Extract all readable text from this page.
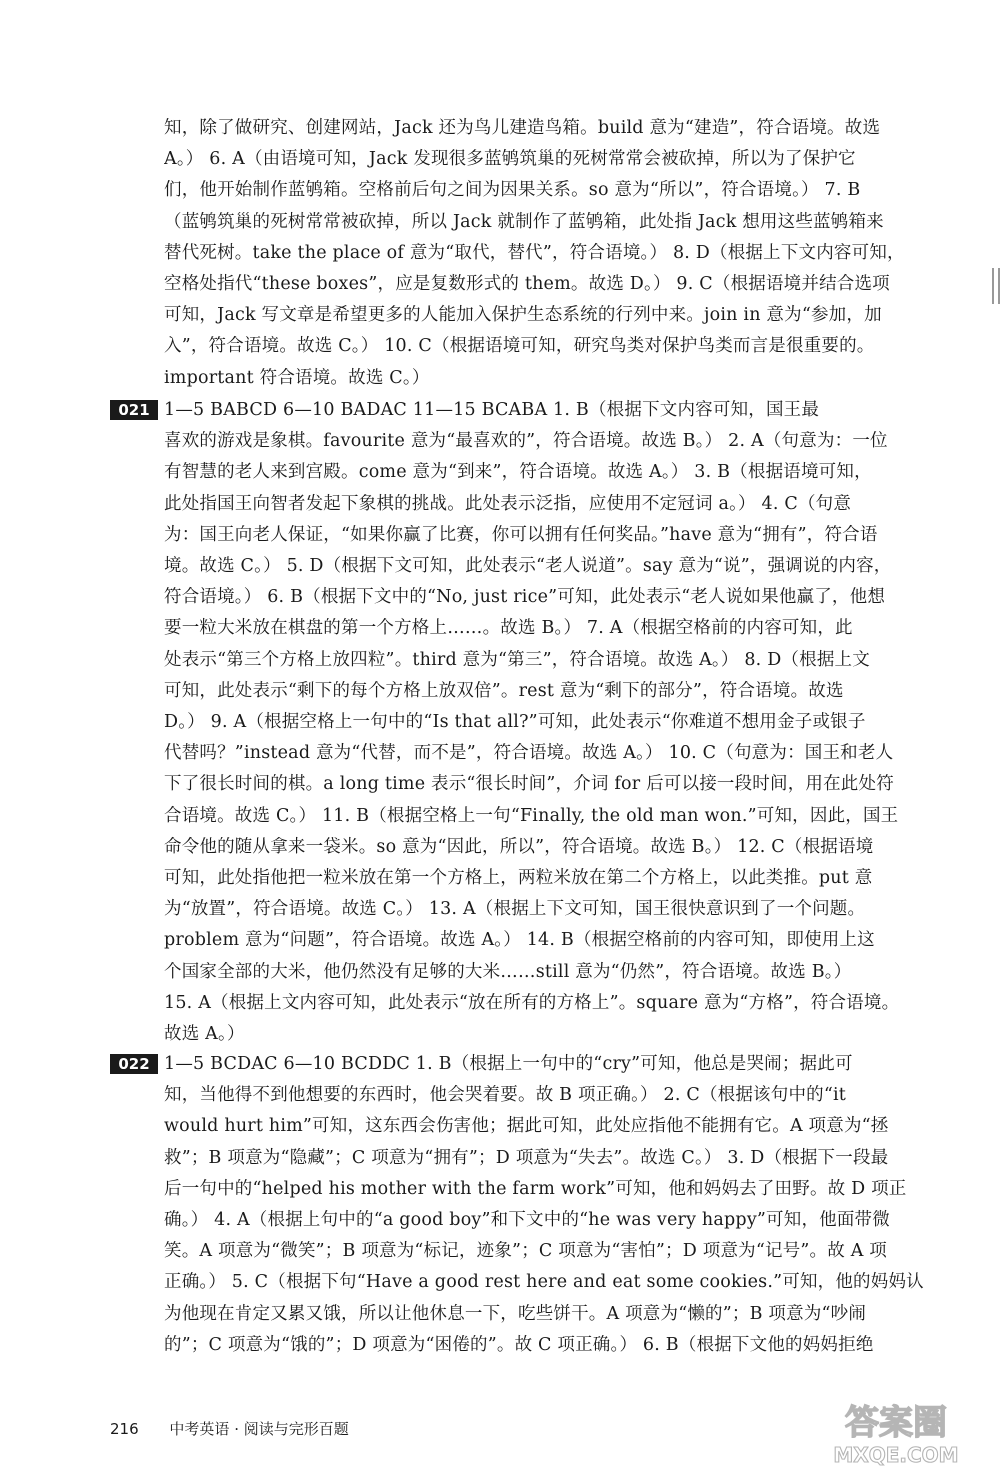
知，除了做研究、创建网站，Jack 还为鸟儿建造鸟箱。build 意为“建造”，符合语境。故选
A。） 6. A（由语境可知，Jack 发现很多蓝鸲筑巢的死树常常会被砍掉，所以为了保护它
们，他开始制作蓝鸲箱。空格前后句之间为因果关系。so 意为“所以”，符合语境。） 7. B
（蓝鸲筑巢的死树常常被砍掉，所以 Jack 就制作了蓝鸲箱，此处指 Jack 想用这些蓝鸲箱来
替代死树。take the place of 意为“取代，替代”，符合语境。） 8. D（根据上下文内容可知，
空格处指代“these boxes”，应是复数形式的 them。故选 D。） 9. C（根据语境并结合选项
可知，Jack 写文章是希望更多的人能加入保护生态系统的行列中来。join in 意为“参加，加
入”，符合语境。故选 C。） 10. C（根据语境可知，研究鸟类对保护鸟类而言是很重要的。
important 符合语境。故选 C。）
021 1—5 BABCD 6—10 BADAC 11—15 BCABA 1. B（根据下文内容可知，国王最
喜欢的游戏是象棋。favourite 意为“最喜欢的”，符合语境。故选 B。） 2. A（句意为：一位
有智慧的老人来到宫殿。come 意为“到来”，符合语境。故选 A。） 3. B（根据语境可知，
此处指国王向智者发起下象棋的挑战。此处表示泛指，应使用不定冠词 a。） 4. C（句意
为：国王向老人保证，“如果你赢了比赛，你可以拥有任何奖品。”have 意为“拥有”，符合语
境。故选 C。） 5. D（根据下文可知，此处表示“老人说道”。say 意为“说”，强调说的内容，
符合语境。） 6. B（根据下文中的“No, just rice”可知，此处表示“老人说如果他赢了，他想
要一粒大米放在棋盘的第一个方格上……。故选 B。） 7. A（根据空格前的内容可知，此
处表示“第三个方格上放四粒”。third 意为“第三”，符合语境。故选 A。） 8. D（根据上文
可知，此处表示“剩下的每个方格上放双倍”。rest 意为“剩下的部分”，符合语境。故选
D。） 9. A（根据空格上一句中的“Is that all?”可知，此处表示“你难道不想用金子或银子
代替吗？”instead 意为“代替，而不是”，符合语境。故选 A。） 10. C（句意为：国王和老人
下了很长时间的棋。a long time 表示“很长时间”，介词 for 后可以接一段时间，用在此处符
合语境。故选 C。） 11. B（根据空格上一句“Finally, the old man won.”可知，因此，国王
命令他的随从拿来一袋米。so 意为“因此，所以”，符合语境。故选 B。） 12. C（根据语境
可知，此处指他把一粒米放在第一个方格上，两粒米放在第二个方格上，以此类推。put 意
为“放置”，符合语境。故选 C。） 13. A（根据上下文可知，国王很快意识到了一个问题。
problem 意为“问题”，符合语境。故选 A。） 14. B（根据空格前的内容可知，即使用上这
个国家全部的大米，他仍然没有足够的大米……still 意为“仍然”，符合语境。故选 B。）
15. A（根据上文内容可知，此处表示“放在所有的方格上”。square 意为“方格”，符合语境。
故选 A。）
022 1—5 BCDAC 6—10 BCDDC 1. B（根据上一句中的“cry”可知，他总是哭闹；据此可
知，当他得不到他想要的东西时，他会哭着要。故 B 项正确。） 2. C（根据该句中的“it
would hurt him”可知，这东西会伤害他；据此可知，此处应指他不能拥有它。A 项意为“拯
救”；B 项意为“隐藏”；C 项意为“拥有”；D 项意为“失去”。故选 C。） 3. D（根据下一段最
后一句中的“helped his mother with the farm work”可知，他和妈妈去了田野。故 D 项正
确。） 4. A（根据上句中的“a good boy”和下文中的“he was very happy”可知，他面带微
笑。A 项意为“微笑”；B 项意为“标记，迹象”；C 项意为“害怕”；D 项意为“记号”。故 A 项
正确。） 5. C（根据下句“Have a good rest here and eat some cookies.”可知，他的妈妈认
为他现在肯定又累又饿，所以让他休息一下，吃些饼干。A 项意为“懒的”；B 项意为“吵闹
的”；C 项意为“饿的”；D 项意为“困倦的”。故 C 项正确。） 6. B（根据下文他的妈妈拒绝
216 中考英语 · 阅读与完形百题	答案圈
MXQE.COM
